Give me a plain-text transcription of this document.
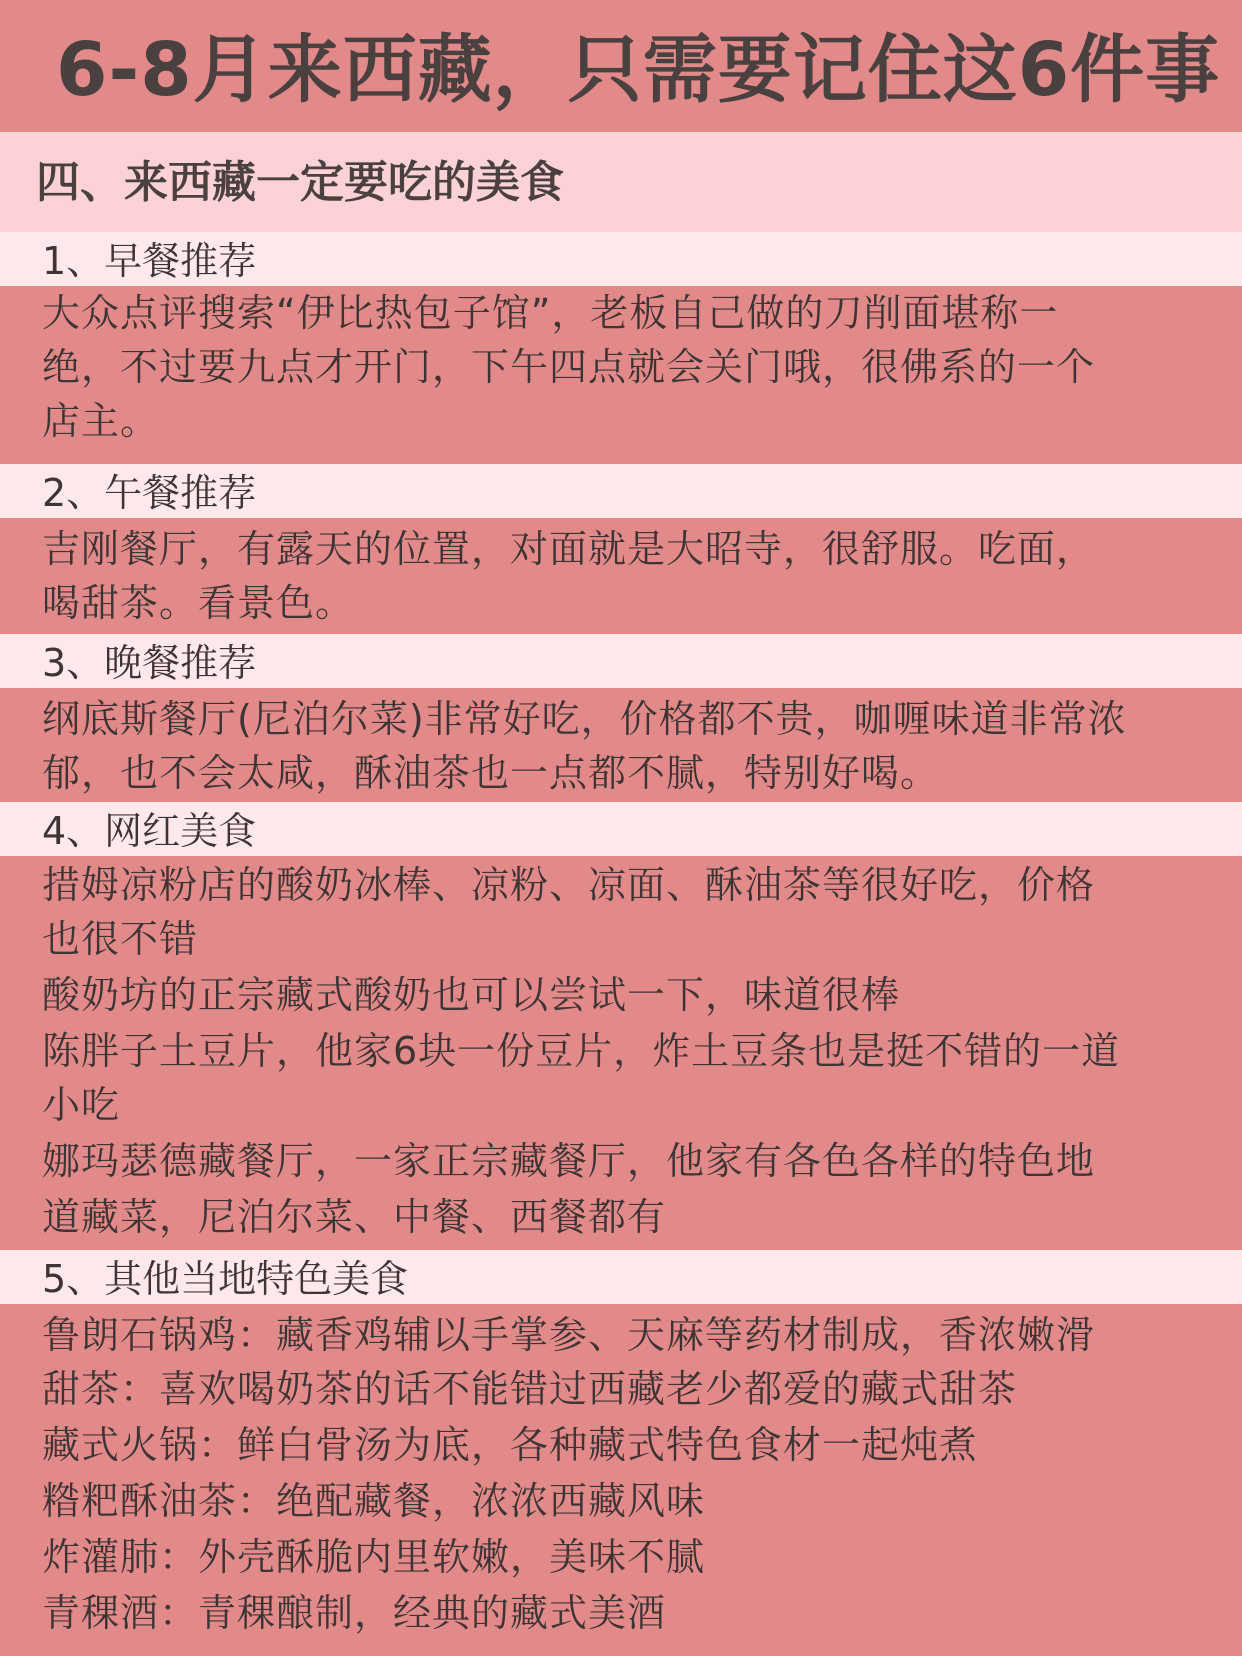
6-8月来西藏，只需要记住这6件事
四、来西藏一定要吃的美食
1、早餐推荐
大众点评搜索“伊比热包子馆”，老板自己做的刀削面堪称一
绝，不过要九点才开门，下午四点就会关门哦，很佛系的一个
店主。
2、午餐推荐
吉刚餐厅，有露天的位置，对面就是大昭寺，很舒服。吃面，
喝甜茶。看景色。
3、晚餐推荐
纲底斯餐厅(尼泊尔菜)非常好吃，价格都不贵，咖喱味道非常浓
郁，也不会太咸，酥油茶也一点都不腻，特别好喝。
4、网红美食
措姆凉粉店的酸奶冰棒、凉粉、凉面、酥油茶等很好吃，价格
也很不错
酸奶坊的正宗藏式酸奶也可以尝试一下，味道很棒
陈胖子土豆片，他家6块一份豆片，炸土豆条也是挺不错的一道
小吃
娜玛瑟德藏餐厅，一家正宗藏餐厅，他家有各色各样的特色地
道藏菜，尼泊尔菜、中餐、西餐都有
5、其他当地特色美食
鲁朗石锅鸡：藏香鸡辅以手掌参、天麻等药材制成，香浓嫩滑
甜茶：喜欢喝奶茶的话不能错过西藏老少都爱的藏式甜茶
藏式火锅：鲜白骨汤为底，各种藏式特色食材一起炖煮
糌粑酥油茶：绝配藏餐，浓浓西藏风味
炸灌肺：外壳酥脆内里软嫩，美味不腻
青稞酒：青稞酿制，经典的藏式美酒
